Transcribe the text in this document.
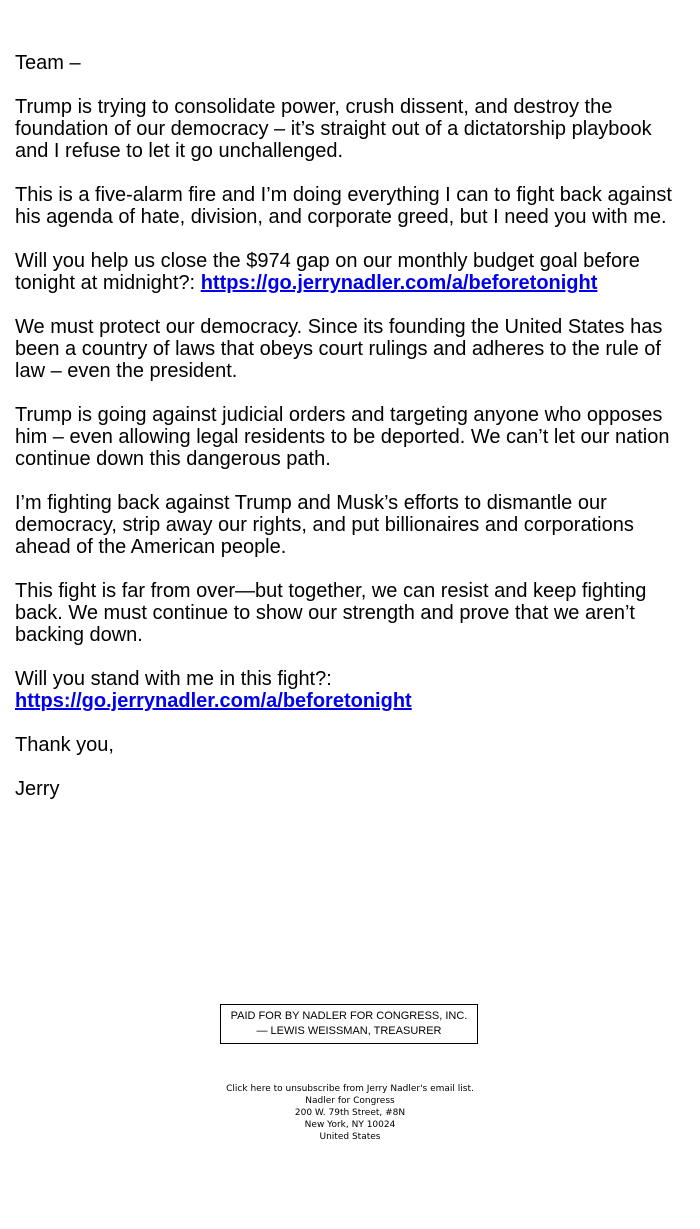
Team –

Trump is trying to consolidate power, crush dissent, and destroy the foundation of our democracy – it’s straight out of a dictatorship playbook and I refuse to let it go unchallenged.

This is a five-alarm fire and I’m doing everything I can to fight back against his agenda of hate, division, and corporate greed, but I need you with me.

Will you help us close the $974 gap on our monthly budget goal before tonight at midnight?: https://go.jerrynadler.com/a/beforetonight

We must protect our democracy. Since its founding the United States has been a country of laws that obeys court rulings and adheres to the rule of law – even the president.

Trump is going against judicial orders and targeting anyone who opposes him – even allowing legal residents to be deported. We can’t let our nation continue down this dangerous path.

I’m fighting back against Trump and Musk’s efforts to dismantle our democracy, strip away our rights, and put billionaires and corporations ahead of the American people.

This fight is far from over—but together, we can resist and keep fighting back. We must continue to show our strength and prove that we aren’t backing down.

Will you stand with me in this fight?:
https://go.jerrynadler.com/a/beforetonight

Thank you,

Jerry

PAID FOR BY NADLER FOR CONGRESS, INC.
— LEWIS WEISSMAN, TREASURER
Click here to unsubscribe from Jerry Nadler's email list.
Nadler for Congress
200 W. 79th Street, #8N
New York, NY 10024
United States
